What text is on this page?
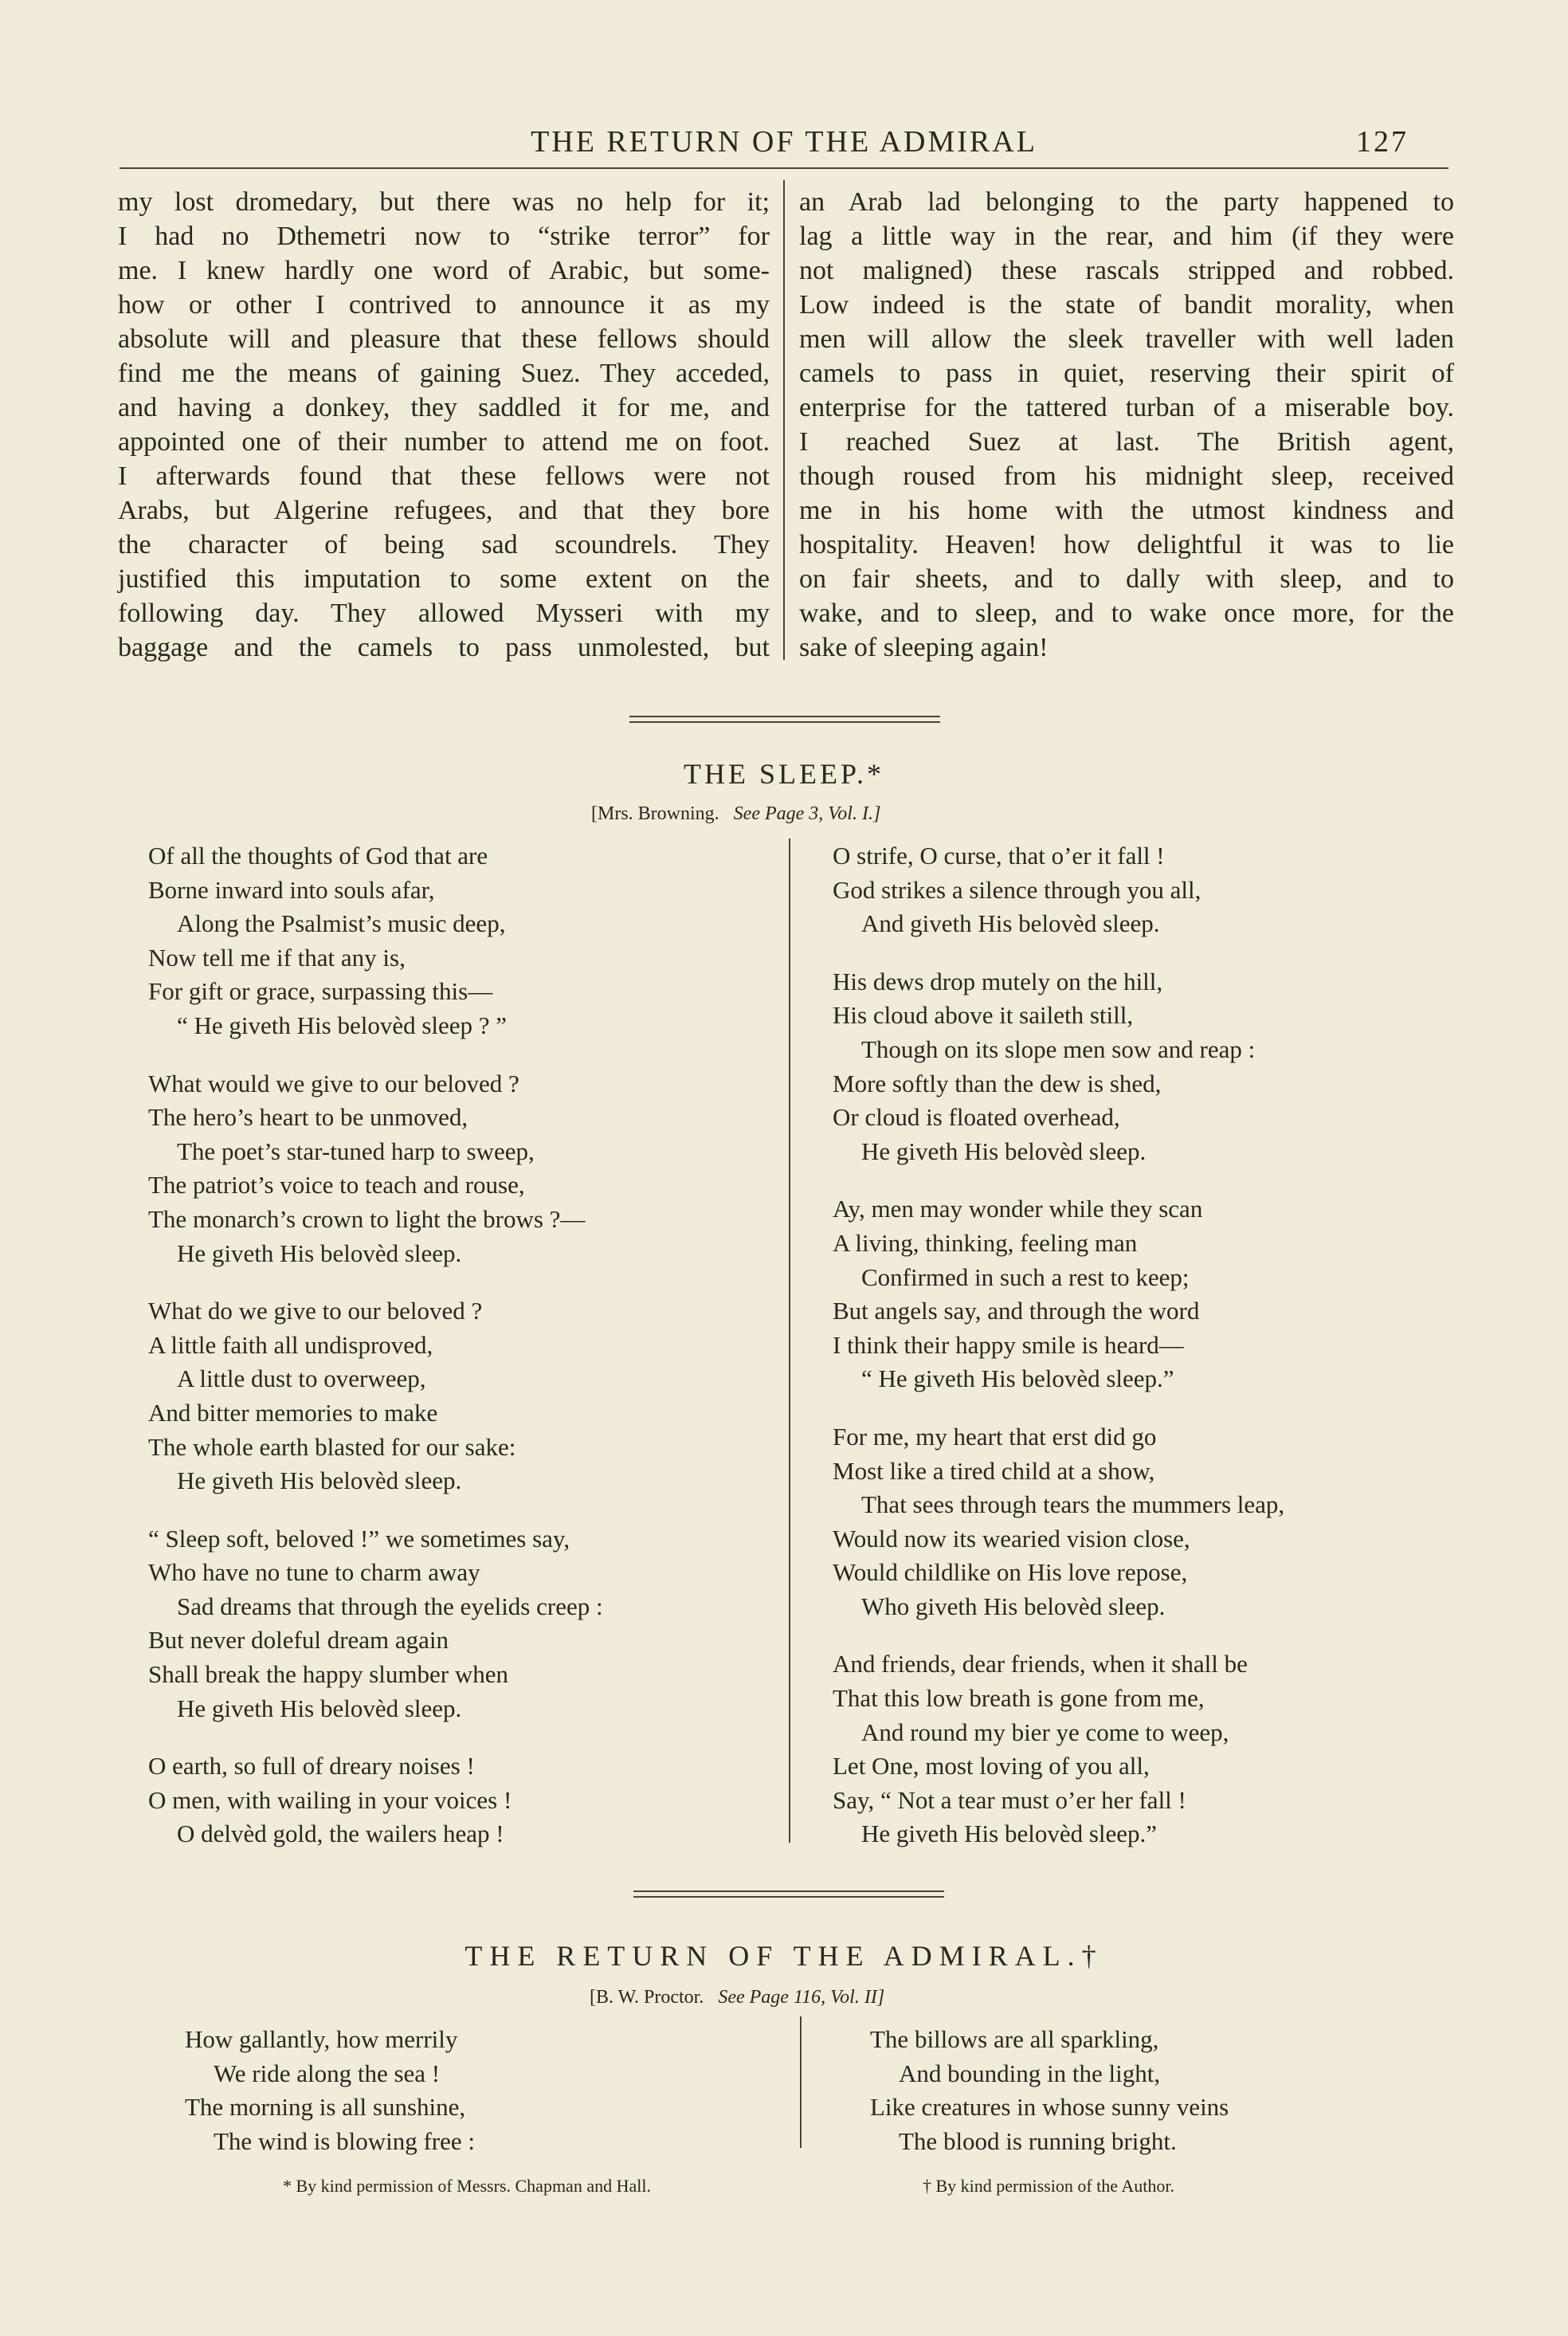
THE RETURN OF THE ADMIRAL	127
my lost dromedary, but there was no help for it;
I had no Dthemetri now to “strike terror” for
me. I knew hardly one word of Arabic, but some-
how or other I contrived to announce it as my
absolute will and pleasure that these fellows should
find me the means of gaining Suez. They acceded,
and having a donkey, they saddled it for me, and
appointed one of their number to attend me on foot.
I afterwards found that these fellows were not
Arabs, but Algerine refugees, and that they bore
the character of being sad scoundrels. They
justified this imputation to some extent on the
following day. They allowed Mysseri with my
baggage and the camels to pass unmolested, but
an Arab lad belonging to the party happened to
lag a little way in the rear, and him (if they were
not maligned) these rascals stripped and robbed.
Low indeed is the state of bandit morality, when
men will allow the sleek traveller with well laden
camels to pass in quiet, reserving their spirit of
enterprise for the tattered turban of a miserable boy.
I reached Suez at last. The British agent,
though roused from his midnight sleep, received
me in his home with the utmost kindness and
hospitality. Heaven! how delightful it was to lie
on fair sheets, and to dally with sleep, and to
wake, and to sleep, and to wake once more, for the
sake of sleeping again!
THE SLEEP.*
[Mrs. Browning. See Page 3, Vol. I.]
Of all the thoughts of God that are
Borne inward into souls afar,
Along the Psalmist’s music deep,
Now tell me if that any is,
For gift or grace, surpassing this—
“ He giveth His belovèd sleep ? ”
What would we give to our beloved ?
The hero’s heart to be unmoved,
The poet’s star-tuned harp to sweep,
The patriot’s voice to teach and rouse,
The monarch’s crown to light the brows ?—
He giveth His belovèd sleep.
What do we give to our beloved ?
A little faith all undisproved,
A little dust to overweep,
And bitter memories to make
The whole earth blasted for our sake:
He giveth His belovèd sleep.
“ Sleep soft, beloved !” we sometimes say,
Who have no tune to charm away
Sad dreams that through the eyelids creep :
But never doleful dream again
Shall break the happy slumber when
He giveth His belovèd sleep.
O earth, so full of dreary noises !
O men, with wailing in your voices !
O delvèd gold, the wailers heap !
O strife, O curse, that o’er it fall !
God strikes a silence through you all,
And giveth His belovèd sleep.
His dews drop mutely on the hill,
His cloud above it saileth still,
Though on its slope men sow and reap :
More softly than the dew is shed,
Or cloud is floated overhead,
He giveth His belovèd sleep.
Ay, men may wonder while they scan
A living, thinking, feeling man
Confirmed in such a rest to keep;
But angels say, and through the word
I think their happy smile is heard—
“ He giveth His belovèd sleep.”
For me, my heart that erst did go
Most like a tired child at a show,
That sees through tears the mummers leap,
Would now its wearied vision close,
Would childlike on His love repose,
Who giveth His belovèd sleep.
And friends, dear friends, when it shall be
That this low breath is gone from me,
And round my bier ye come to weep,
Let One, most loving of you all,
Say, “ Not a tear must o’er her fall !
He giveth His belovèd sleep.”
THE RETURN OF THE ADMIRAL.†
[B. W. Proctor. See Page 116, Vol. II]
How gallantly, how merrily
We ride along the sea !
The morning is all sunshine,
The wind is blowing free :
The billows are all sparkling,
And bounding in the light,
Like creatures in whose sunny veins
The blood is running bright.
* By kind permission of Messrs. Chapman and Hall.	† By kind permission of the Author.
